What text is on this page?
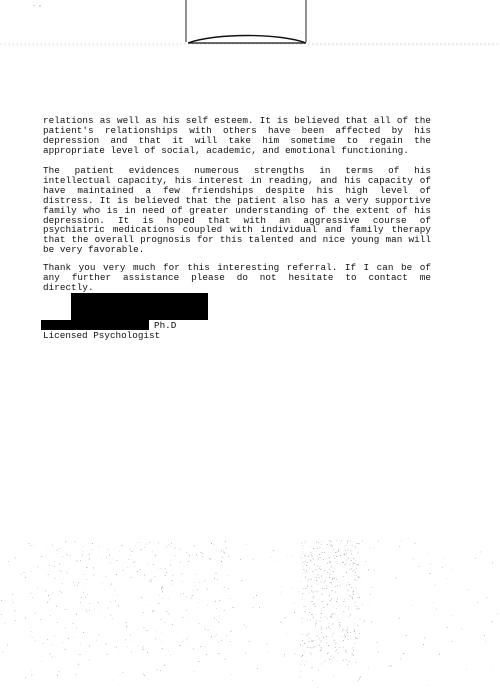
·

relations as well as his self esteem. It is believed that all of the patient's relationships with others have been affected by his depression and that it will take him sometime to regain the appropriate level of social, academic, and emotional functioning.

The patient evidences numerous strengths in terms of his intellectual capacity, his interest in reading, and his capacity of have maintained a few friendships despite his high level of distress. It is believed that the patient also has a very supportive family who is in need of greater understanding of the extent of his depression. It is hoped that with an aggressive course of psychiatric medications coupled with individual and family therapy that the overall prognosis for this talented and nice young man will be very favorable.

Thank you very much for this interesting referral. If I can be of any further assistance please do not hesitate to contact me directly.

Ph.D

Licensed Psychologist
